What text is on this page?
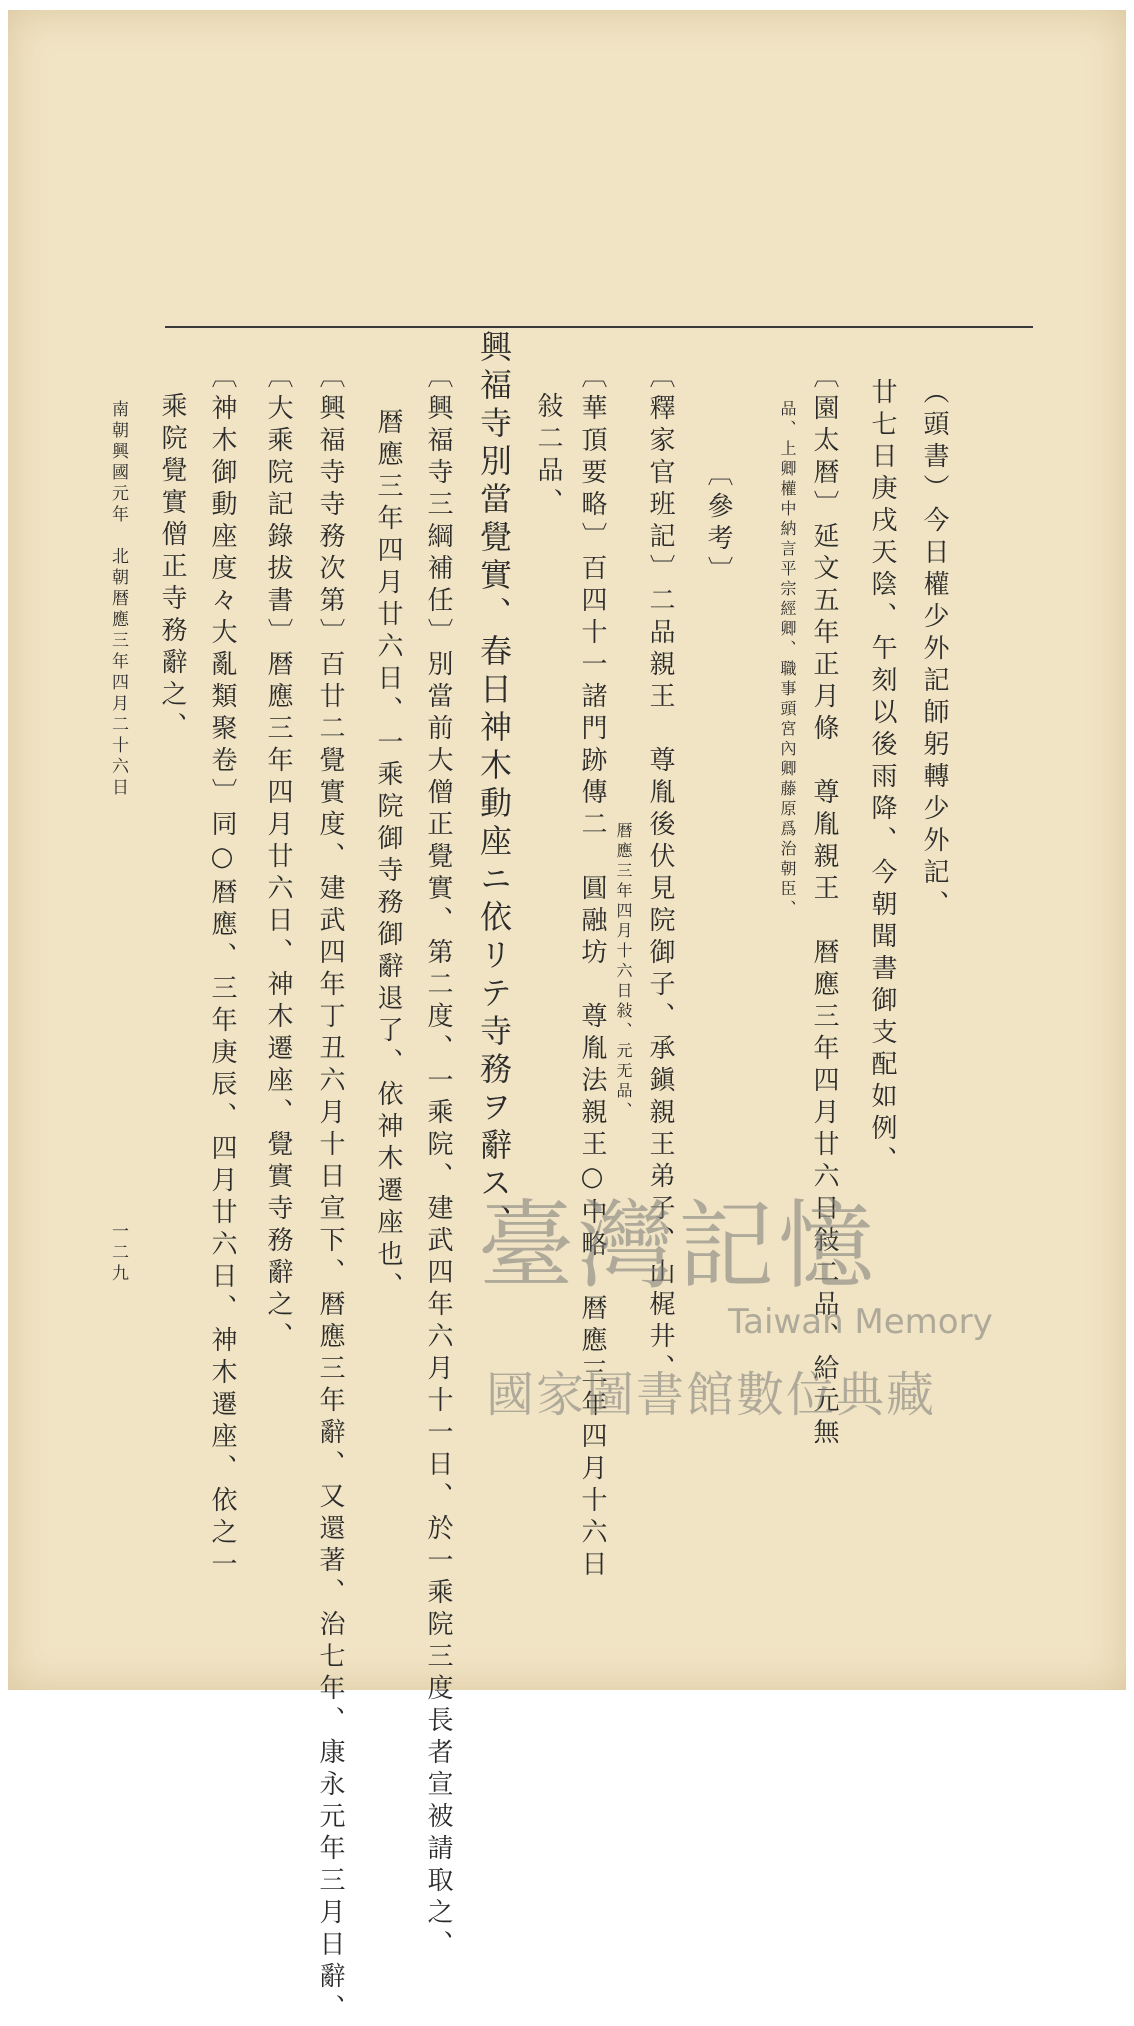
（頭書）今日權少外記師躬轉少外記、
廿七日庚戌天陰、午刻以後雨降、今朝聞書御支配如例、
〔園太暦〕延文五年正月條　尊胤親王　暦應三年四月廿六日敍二品、給元無
品、上卿權中納言平宗經卿、職事頭宮內卿藤原爲治朝臣、
〔參考〕
〔釋家官班記〕二品親王　尊胤後伏見院御子、承鎭親王弟子、山梶井、
暦應三年四月十六日敍、元无品、
〔華頂要略〕百四十一諸門跡傳二　圓融坊　尊胤法親王○中略　暦應三年四月十六日
敍二品、
興福寺別當覺實、春日神木動座ニ依リテ寺務ヲ辭ス、
〔興福寺三綱補任〕別當前大僧正覺實、第二度、一乘院、建武四年六月十一日、於一乘院三度長者宣被請取之、
暦應三年四月廿六日、一乘院御寺務御辭退了、依神木遷座也、
〔興福寺寺務次第〕百廿二覺實度、建武四年丁丑六月十日宣下、暦應三年辭、又還著、治七年、康永元年三月日辭、
〔大乘院記錄拔書〕暦應三年四月廿六日、神木遷座、覺實寺務辭之、
〔神木御動座度々大亂類聚卷〕同○暦應、三年庚辰、四月廿六日、神木遷座、依之一
乘院覺實僧正寺務辭之、
南朝興國元年　北朝暦應三年四月二十六日
一二九	臺灣記憶
Taiwan Memory
國家圖書館數位典藏
